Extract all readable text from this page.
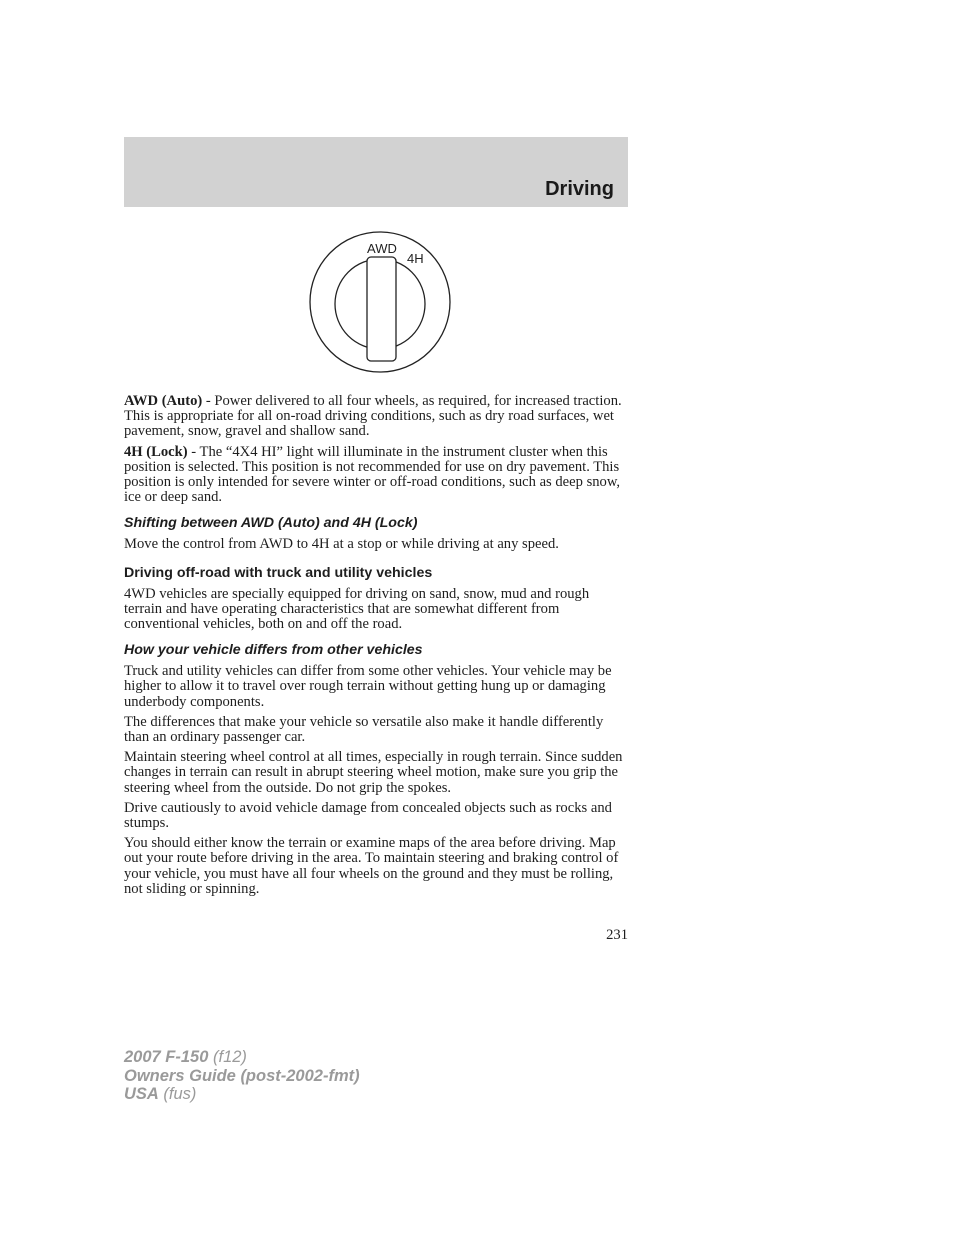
Driving
AWD
4H

AWD (Auto) - Power delivered to all four wheels, as required, for increased traction. This is appropriate for all on-road driving conditions, such as dry road surfaces, wet pavement, snow, gravel and shallow sand.

4H (Lock) - The “4X4 HI” light will illuminate in the instrument cluster when this position is selected. This position is not recommended for use on dry pavement. This position is only intended for severe winter or off-road conditions, such as deep snow, ice or deep sand.

Shifting between AWD (Auto) and 4H (Lock)

Move the control from AWD to 4H at a stop or while driving at any speed.

Driving off-road with truck and utility vehicles

4WD vehicles are specially equipped for driving on sand, snow, mud and rough terrain and have operating characteristics that are somewhat different from conventional vehicles, both on and off the road.

How your vehicle differs from other vehicles

Truck and utility vehicles can differ from some other vehicles. Your vehicle may be higher to allow it to travel over rough terrain without getting hung up or damaging underbody components.

The differences that make your vehicle so versatile also make it handle differently than an ordinary passenger car.

Maintain steering wheel control at all times, especially in rough terrain. Since sudden changes in terrain can result in abrupt steering wheel motion, make sure you grip the steering wheel from the outside. Do not grip the spokes.

Drive cautiously to avoid vehicle damage from concealed objects such as rocks and stumps.

You should either know the terrain or examine maps of the area before driving. Map out your route before driving in the area. To maintain steering and braking control of your vehicle, you must have all four wheels on the ground and they must be rolling, not sliding or spinning.

231
2007 F-150 (f12)
Owners Guide (post-2002-fmt)
USA (fus)
